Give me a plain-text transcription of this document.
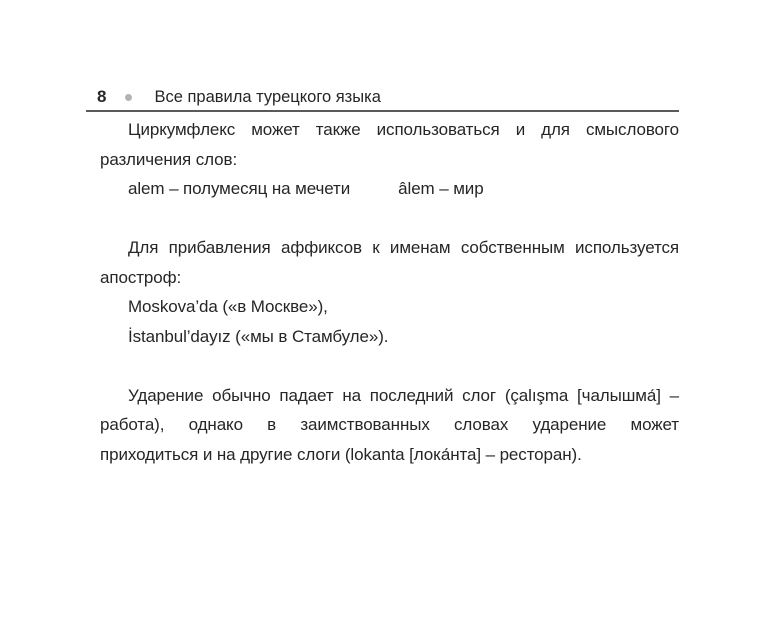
8	Все правила турецкого языка
Циркумфлекс может также использоваться и для смыслового
различения слов:
alem – полумесяц на мечети	âlem – мир
Для прибавления аффиксов к именам собственным используется
апостроф:
Moskova’da («в Москве»),
İstanbul’dayız («мы в Стамбуле»).
Ударение обычно падает на последний слог (çalışma [чалышма́] –
работа), однако в заимствованных словах ударение может
приходиться и на другие слоги (lokanta [лока́нта] – ресторан).
